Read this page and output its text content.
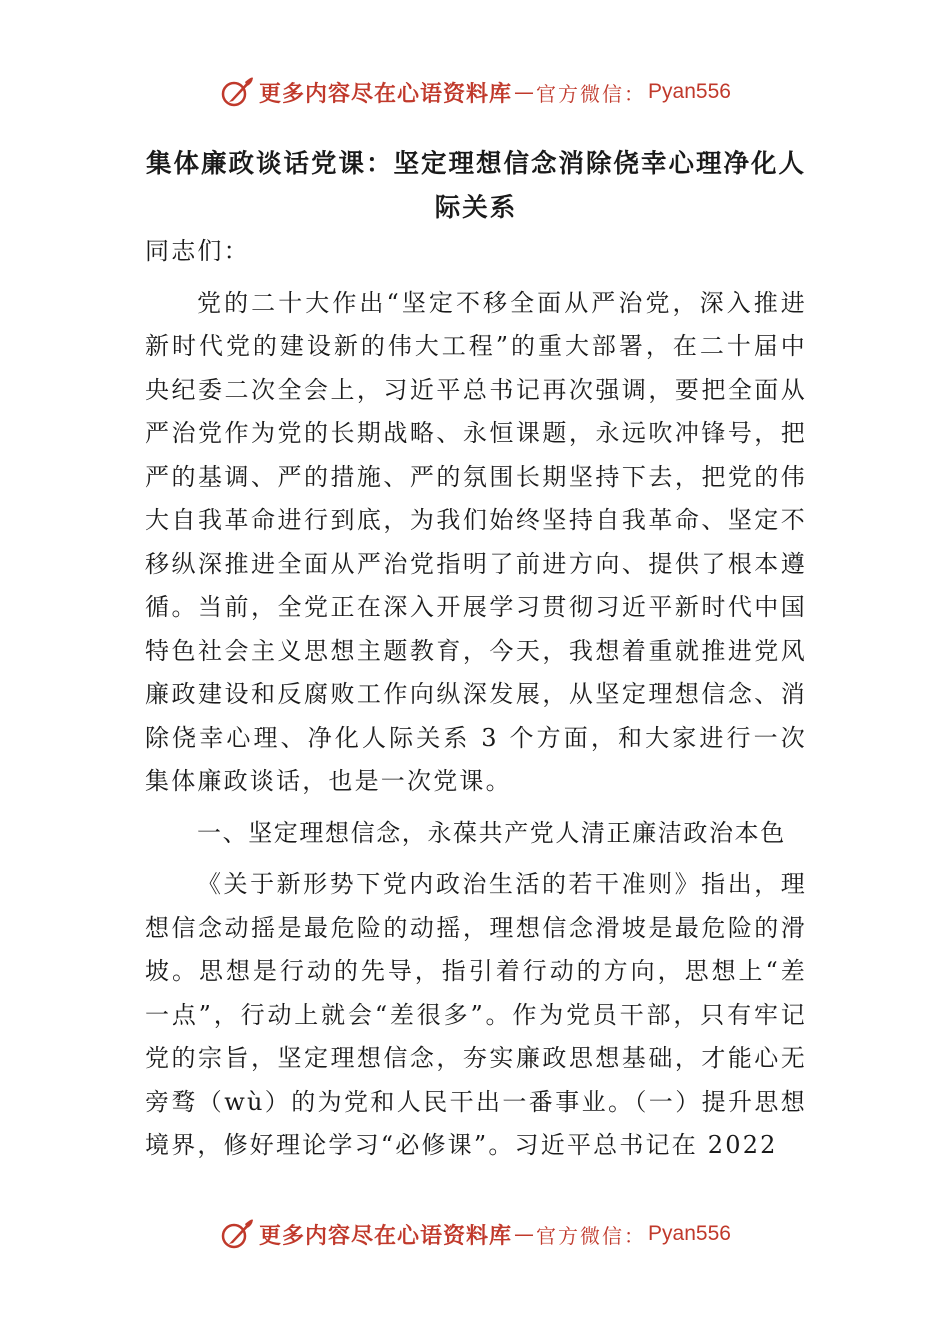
更多内容尽在心语资料库 — 官方微信： Pyan556
集体廉政谈话党课：坚定理想信念消除侥幸心理净化人际关系

同志们：

党的二十大作出“坚定不移全面从严治党，深入推进新时代党的建设新的伟大工程”的重大部署，在二十届中央纪委二次全会上，习近平总书记再次强调，要把全面从严治党作为党的长期战略、永恒课题，永远吹冲锋号，把严的基调、严的措施、严的氛围长期坚持下去，把党的伟大自我革命进行到底，为我们始终坚持自我革命、坚定不移纵深推进全面从严治党指明了前进方向、提供了根本遵循。当前，全党正在深入开展学习贯彻习近平新时代中国特色社会主义思想主题教育，今天，我想着重就推进党风廉政建设和反腐败工作向纵深发展，从坚定理想信念、消除侥幸心理、净化人际关系 3 个方面，和大家进行一次集体廉政谈话，也是一次党课。

一、坚定理想信念，永葆共产党人清正廉洁政治本色

《关于新形势下党内政治生活的若干准则》指出，理想信念动摇是最危险的动摇，理想信念滑坡是最危险的滑坡。思想是行动的先导，指引着行动的方向，思想上“差一点”，行动上就会“差很多”。作为党员干部，只有牢记党的宗旨，坚定理想信念，夯实廉政思想基础，才能心无旁骛（wù）的为党和人民干出一番事业。（一）提升思想境界，修好理论学习“必修课”。习近平总书记在 2022

更多内容尽在心语资料库 — 官方微信： Pyan556
